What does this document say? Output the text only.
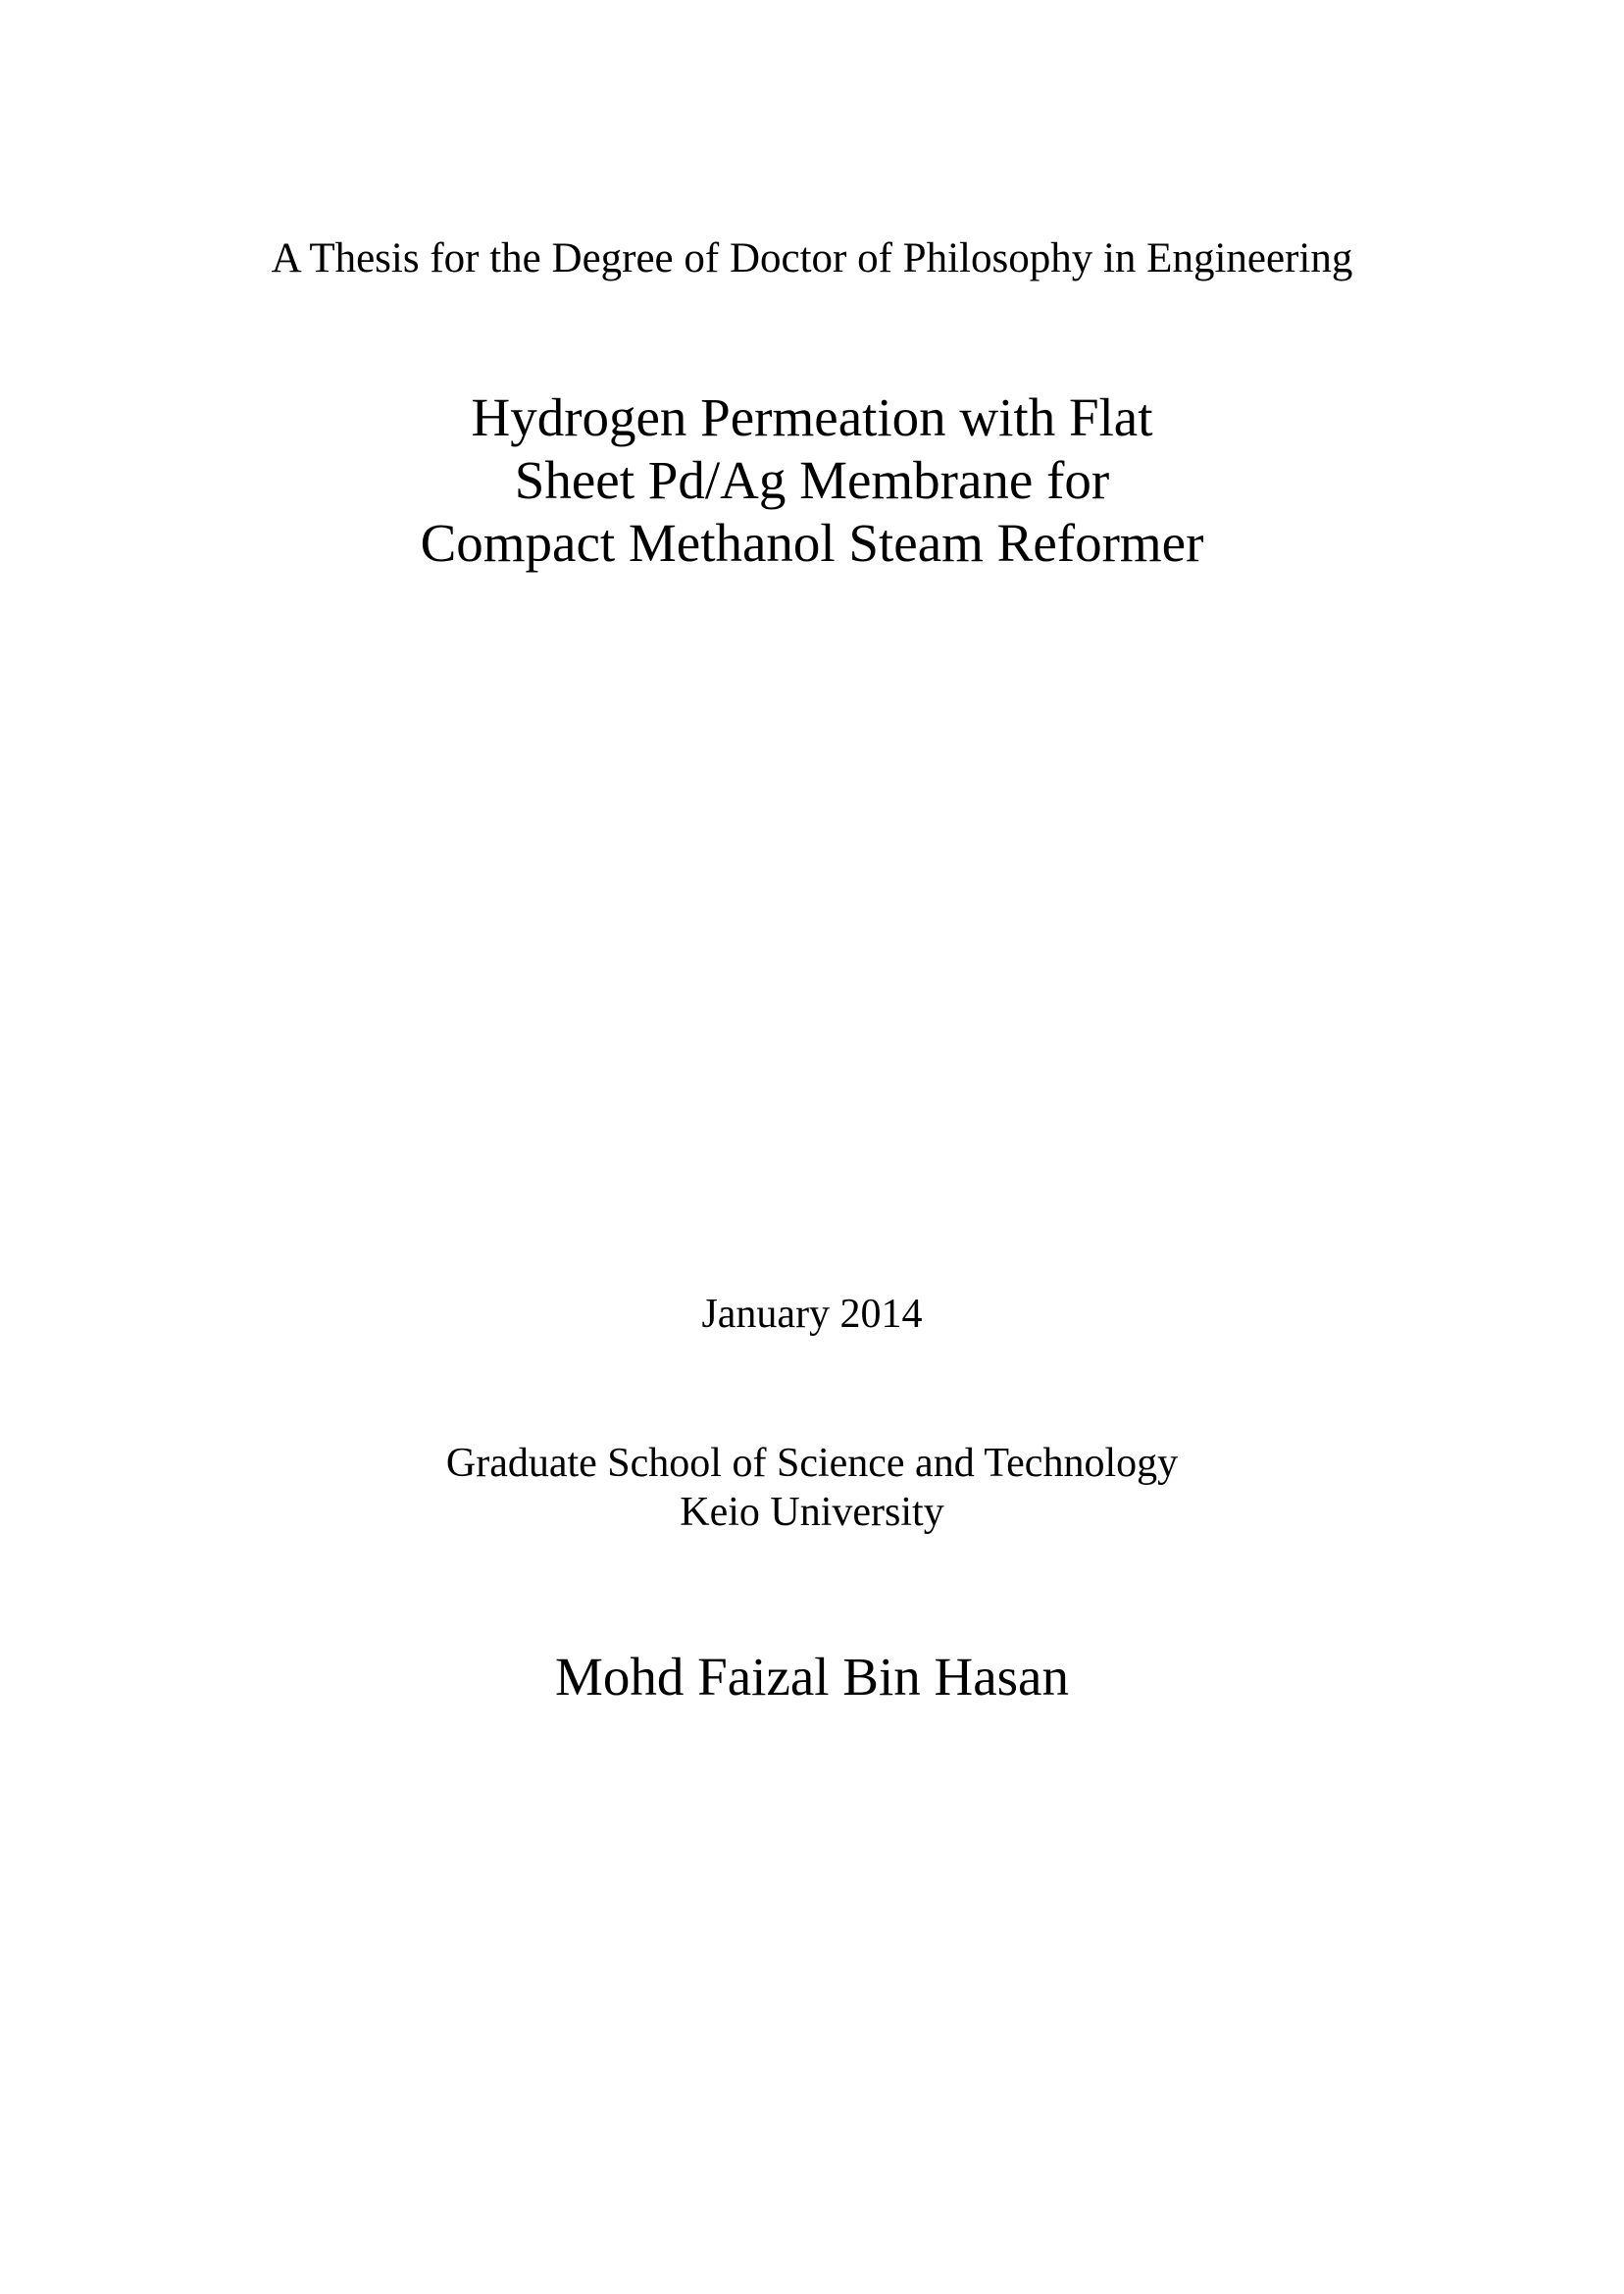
A Thesis for the Degree of Doctor of Philosophy in Engineering
Hydrogen Permeation with Flat
Sheet Pd/Ag Membrane for
Compact Methanol Steam Reformer
January 2014
Graduate School of Science and Technology
Keio University
Mohd Faizal Bin Hasan
